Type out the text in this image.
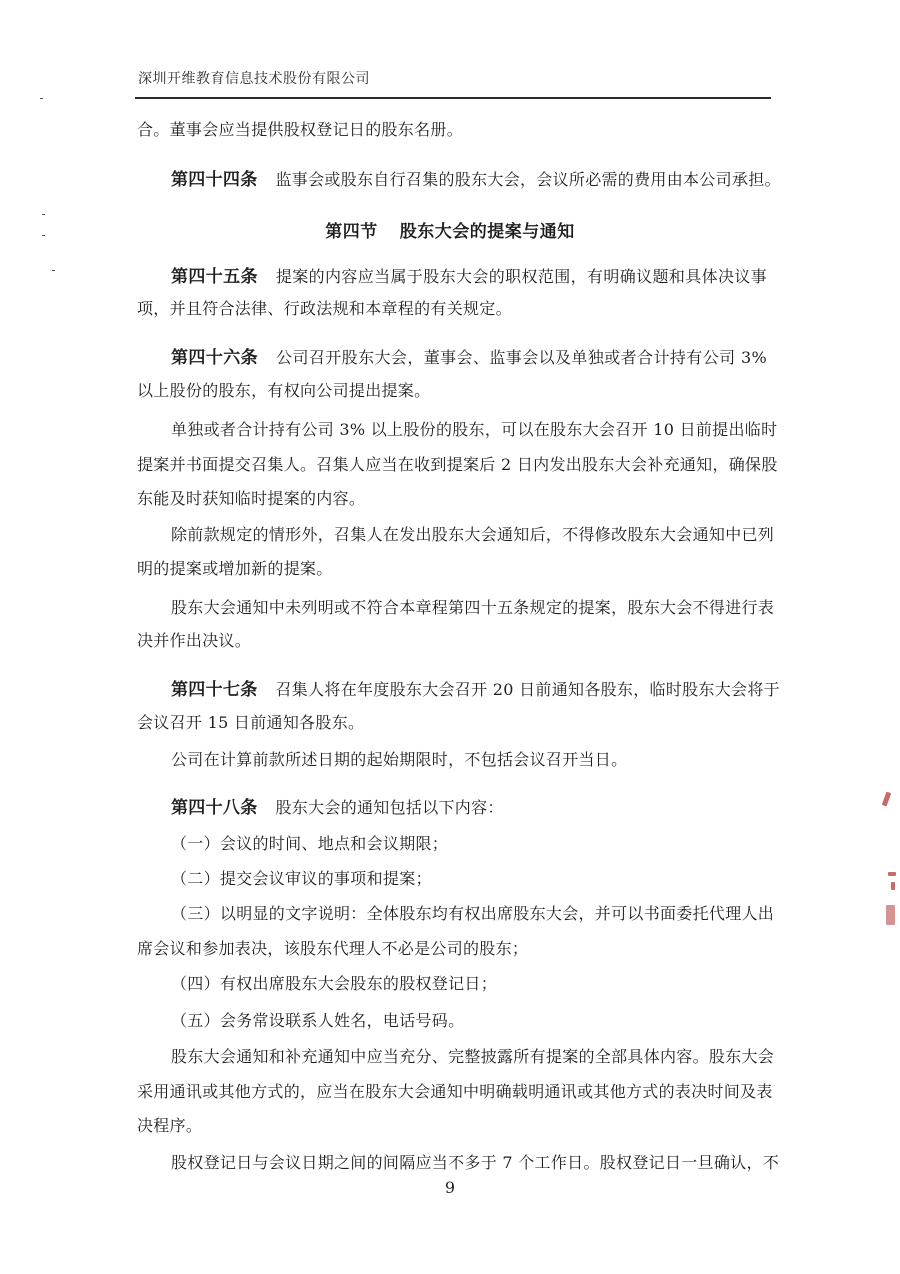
深圳开维教育信息技术股份有限公司
合。董事会应当提供股权登记日的股东名册。
第四十四条 监事会或股东自行召集的股东大会，会议所必需的费用由本公司承担。
第四节 股东大会的提案与通知
第四十五条 提案的内容应当属于股东大会的职权范围，有明确议题和具体决议事
项，并且符合法律、行政法规和本章程的有关规定。
第四十六条 公司召开股东大会，董事会、监事会以及单独或者合计持有公司 3%
以上股份的股东，有权向公司提出提案。
单独或者合计持有公司 3% 以上股份的股东，可以在股东大会召开 10 日前提出临时
提案并书面提交召集人。召集人应当在收到提案后 2 日内发出股东大会补充通知，确保股
东能及时获知临时提案的内容。
除前款规定的情形外，召集人在发出股东大会通知后，不得修改股东大会通知中已列
明的提案或增加新的提案。
股东大会通知中未列明或不符合本章程第四十五条规定的提案，股东大会不得进行表
决并作出决议。
第四十七条 召集人将在年度股东大会召开 20 日前通知各股东，临时股东大会将于
会议召开 15 日前通知各股东。
公司在计算前款所述日期的起始期限时，不包括会议召开当日。
第四十八条 股东大会的通知包括以下内容：
（一）会议的时间、地点和会议期限；
（二）提交会议审议的事项和提案；
（三）以明显的文字说明：全体股东均有权出席股东大会，并可以书面委托代理人出
席会议和参加表决，该股东代理人不必是公司的股东；
（四）有权出席股东大会股东的股权登记日；
（五）会务常设联系人姓名，电话号码。
股东大会通知和补充通知中应当充分、完整披露所有提案的全部具体内容。股东大会
采用通讯或其他方式的，应当在股东大会通知中明确载明通讯或其他方式的表决时间及表
决程序。
股权登记日与会议日期之间的间隔应当不多于 7 个工作日。股权登记日一旦确认，不
9
